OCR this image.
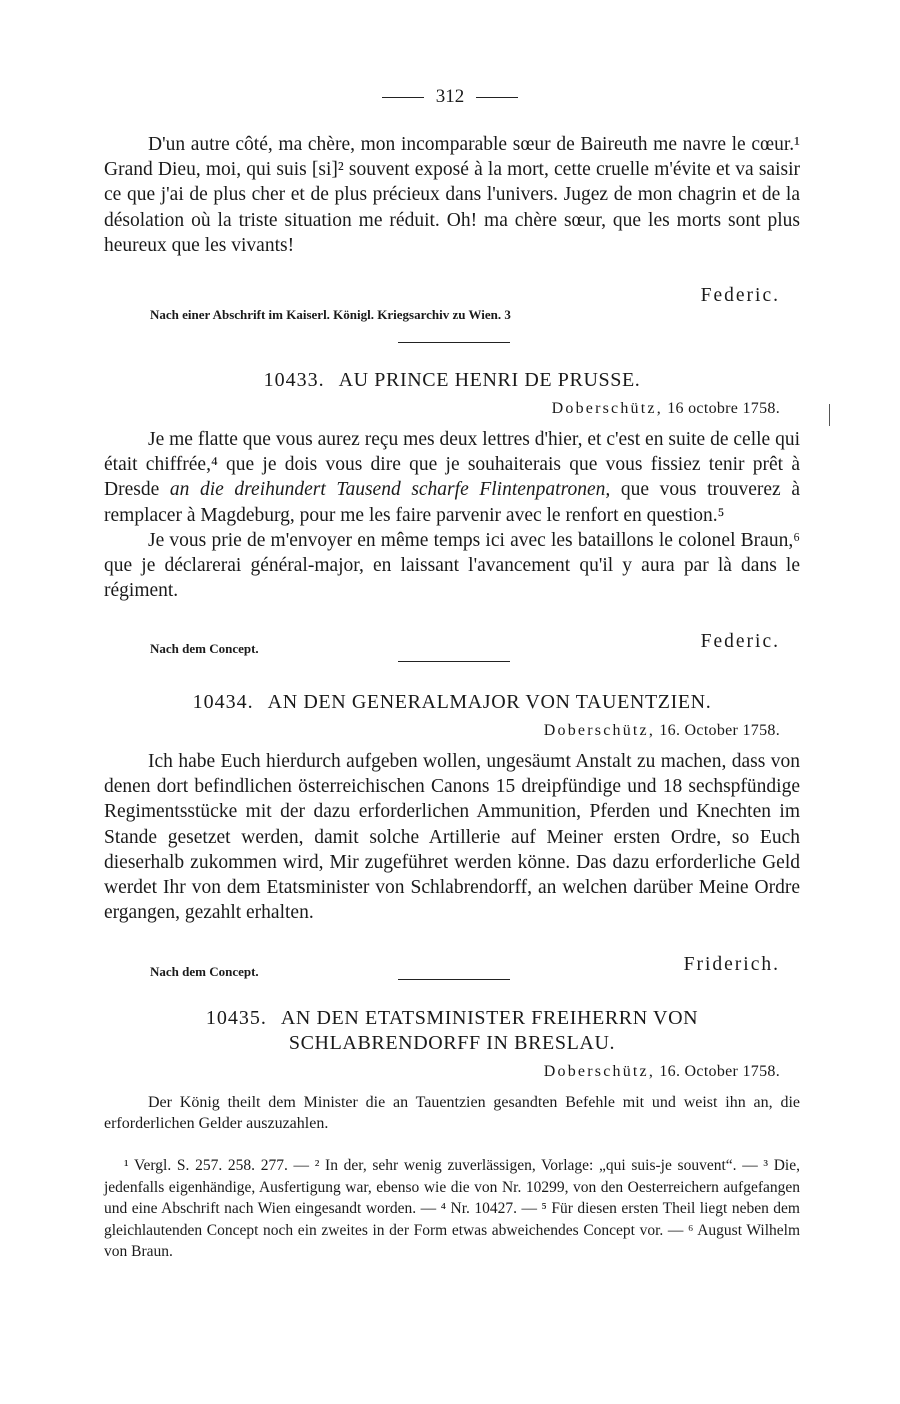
312

D'un autre côté, ma chère, mon incomparable sœur de Baireuth me navre le cœur.¹ Grand Dieu, moi, qui suis [si]² souvent exposé à la mort, cette cruelle m'évite et va saisir ce que j'ai de plus cher et de plus précieux dans l'univers. Jugez de mon chagrin et de la désolation où la triste situation me réduit. Oh! ma chère sœur, que les morts sont plus heureux que les vivants!

Federic.
Nach einer Abschrift im Kaiserl. Königl. Kriegsarchiv zu Wien. 3
10433. AU PRINCE HENRI DE PRUSSE.
Doberschütz, 16 octobre 1758.

Je me flatte que vous aurez reçu mes deux lettres d'hier, et c'est en suite de celle qui était chiffrée,⁴ que je dois vous dire que je souhaiterais que vous fissiez tenir prêt à Dresde an die dreihundert Tausend scharfe Flintenpatronen, que vous trouverez à remplacer à Magdeburg, pour me les faire parvenir avec le renfort en question.⁵

Je vous prie de m'envoyer en même temps ici avec les bataillons le colonel Braun,⁶ que je déclarerai général-major, en laissant l'avancement qu'il y aura par là dans le régiment.

Nach dem Concept.	Federic.
10434. AN DEN GENERALMAJOR VON TAUENTZIEN.
Doberschütz, 16. October 1758.

Ich habe Euch hierdurch aufgeben wollen, ungesäumt Anstalt zu machen, dass von denen dort befindlichen österreichischen Canons 15 dreipfündige und 18 sechspfündige Regimentsstücke mit der dazu erforderlichen Ammunition, Pferden und Knechten im Stande gesetzet werden, damit solche Artillerie auf Meiner ersten Ordre, so Euch dieserhalb zukommen wird, Mir zugeführet werden könne. Das dazu erforderliche Geld werdet Ihr von dem Etatsminister von Schlabrendorff, an welchen darüber Meine Ordre ergangen, gezahlt erhalten.

Nach dem Concept.	Friderich.
10435. AN DEN ETATSMINISTER FREIHERRN VON
SCHLABRENDORFF IN BRESLAU.
Doberschütz, 16. October 1758.
Der König theilt dem Minister die an Tauentzien gesandten Befehle mit und weist ihn an, die erforderlichen Gelder auszuzahlen.
¹ Vergl. S. 257. 258. 277. — ² In der, sehr wenig zuverlässigen, Vorlage: „qui suis-je souvent“. — ³ Die, jedenfalls eigenhändige, Ausfertigung war, ebenso wie die von Nr. 10299, von den Oesterreichern aufgefangen und eine Abschrift nach Wien eingesandt worden. — ⁴ Nr. 10427. — ⁵ Für diesen ersten Theil liegt neben dem gleichlautenden Concept noch ein zweites in der Form etwas abweichendes Concept vor. — ⁶ August Wilhelm von Braun.
